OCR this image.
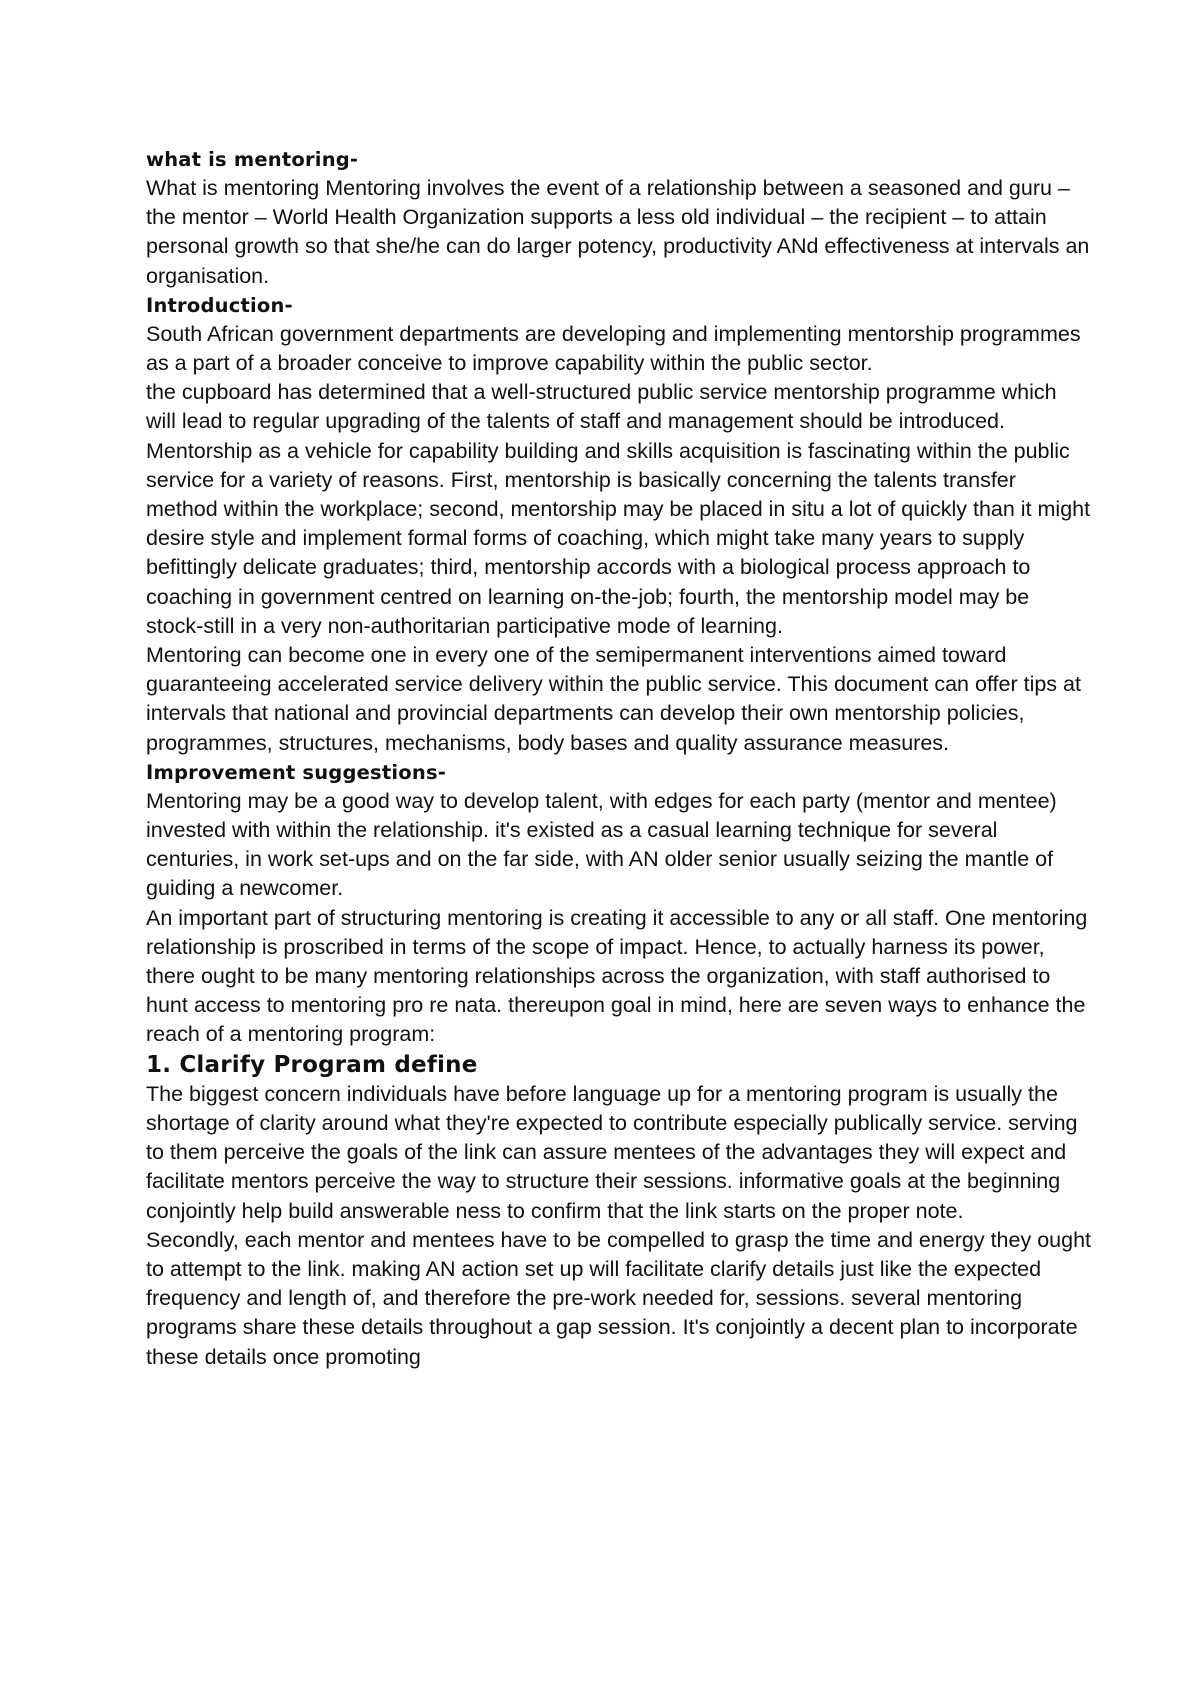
what is mentoring-

What is mentoring Mentoring involves the event of a relationship between a seasoned and guru – the mentor – World Health Organization supports a less old individual – the recipient – to attain personal growth so that she/he can do larger potency, productivity ANd effectiveness at intervals an organisation.

Introduction-

South African government departments are developing and implementing mentorship programmes as a part of a broader conceive to improve capability within the public sector.

the cupboard has determined that a well-structured public service mentorship programme which will lead to regular upgrading of the talents of staff and management should be introduced.

Mentorship as a vehicle for capability building and skills acquisition is fascinating within the public service for a variety of reasons. First, mentorship is basically concerning the talents transfer method within the workplace; second, mentorship may be placed in situ a lot of quickly than it might desire style and implement formal forms of coaching, which might take many years to supply befittingly delicate graduates; third, mentorship accords with a biological process approach to coaching in government centred on learning on-the-job; fourth, the mentorship model may be stock-still in a very non-authoritarian participative mode of learning.

Mentoring can become one in every one of the semipermanent interventions aimed toward guaranteeing accelerated service delivery within the public service. This document can offer tips at intervals that national and provincial departments can develop their own mentorship policies, programmes, structures, mechanisms, body bases and quality assurance measures.

Improvement suggestions-

Mentoring may be a good way to develop talent, with edges for each party (mentor and mentee) invested with within the relationship. it's existed as a casual learning technique for several centuries, in work set-ups and on the far side, with AN older senior usually seizing the mantle of guiding a newcomer.

An important part of structuring mentoring is creating it accessible to any or all staff. One mentoring relationship is proscribed in terms of the scope of impact. Hence, to actually harness its power, there ought to be many mentoring relationships across the organization, with staff authorised to hunt access to mentoring pro re nata. thereupon goal in mind, here are seven ways to enhance the reach of a mentoring program:

1. Clarify Program define

The biggest concern individuals have before language up for a mentoring program is usually the shortage of clarity around what they're expected to contribute especially publically service. serving to them perceive the goals of the link can assure mentees of the advantages they will expect and facilitate mentors perceive the way to structure their sessions. informative goals at the beginning conjointly help build answerable ness to confirm that the link starts on the proper note.

Secondly, each mentor and mentees have to be compelled to grasp the time and energy they ought to attempt to the link. making AN action set up will facilitate clarify details just like the expected frequency and length of, and therefore the pre-work needed for, sessions. several mentoring programs share these details throughout a gap session. It's conjointly a decent plan to incorporate these details once promoting
